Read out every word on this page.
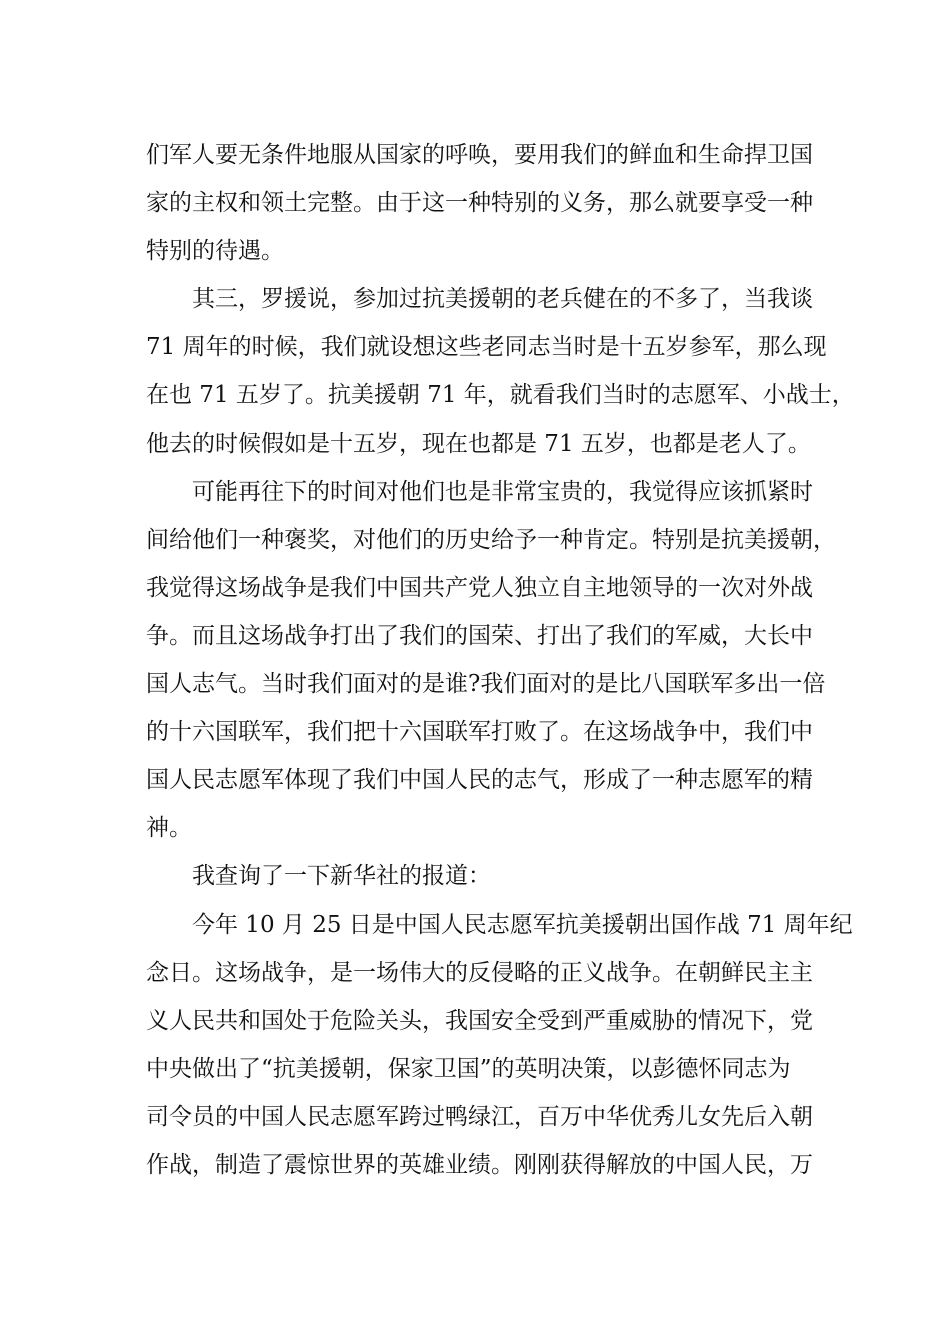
们军人要无条件地服从国家的呼唤，要用我们的鲜血和生命捍卫国
家的主权和领土完整。由于这一种特别的义务，那么就要享受一种
特别的待遇。
其三，罗援说，参加过抗美援朝的老兵健在的不多了，当我谈
71 周年的时候，我们就设想这些老同志当时是十五岁参军，那么现
在也 71 五岁了。抗美援朝 71 年，就看我们当时的志愿军、小战士，
他去的时候假如是十五岁，现在也都是 71 五岁，也都是老人了。
可能再往下的时间对他们也是非常宝贵的，我觉得应该抓紧时
间给他们一种褒奖，对他们的历史给予一种肯定。特别是抗美援朝，
我觉得这场战争是我们中国共产党人独立自主地领导的一次对外战
争。而且这场战争打出了我们的国荣、打出了我们的军威，大长中
国人志气。当时我们面对的是谁?我们面对的是比八国联军多出一倍
的十六国联军，我们把十六国联军打败了。在这场战争中，我们中
国人民志愿军体现了我们中国人民的志气，形成了一种志愿军的精
神。
我查询了一下新华社的报道：
今年 10 月 25 日是中国人民志愿军抗美援朝出国作战 71 周年纪
念日。这场战争，是一场伟大的反侵略的正义战争。在朝鲜民主主
义人民共和国处于危险关头，我国安全受到严重威胁的情况下，党
中央做出了“抗美援朝，保家卫国”的英明决策，以彭德怀同志为
司令员的中国人民志愿军跨过鸭绿江，百万中华优秀儿女先后入朝
作战，制造了震惊世界的英雄业绩。刚刚获得解放的中国人民，万
